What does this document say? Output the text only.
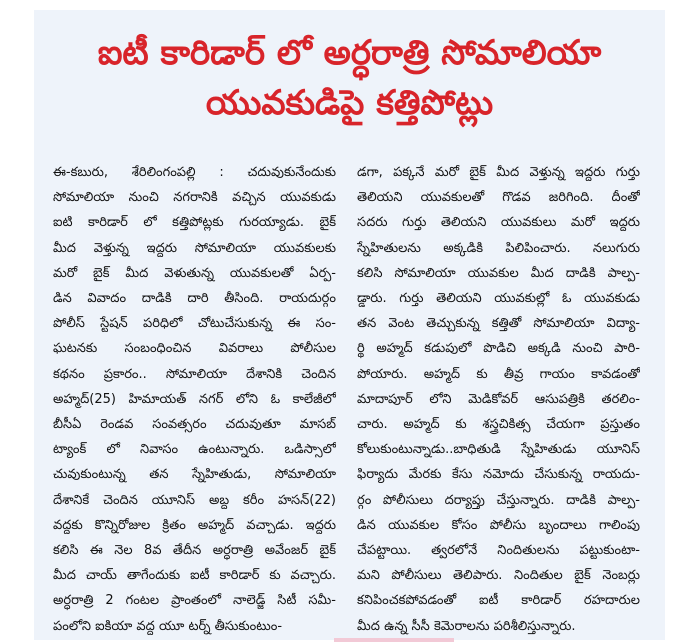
ఐటీ కారిడార్ లో అర్ధరాత్రి సోమాలియా
యువకుడిపై కత్తిపోట్లు
ఈ-కబురు, శేరిలింగంపల్లి : చదువుకునేందుకు
సోమాలియా నుంచి నగరానికి వచ్చిన యువకుడు
ఐటి కారిడార్ లో కత్తిపోట్లకు గురయ్యాడు. బైక్
మీద వెళ్తున్న ఇద్దరు సోమాలియా యువకులకు
మరో బైక్ మీద వెళుతున్న యువకులతో ఏర్ప-
డిన వివాదం దాడికి దారి తీసింది. రాయదుర్గం
పోలీస్ స్టేషన్ పరిధిలో చోటుచేసుకున్న ఈ సం-
ఘటనకు సంబంధించిన వివరాలు పోలీసుల
కథనం ప్రకారం.. సోమాలియా దేశానికి చెందిన
అహ్మద్(25) హిమాయత్ నగర్ లోని ఓ కాలేజీలో
బీసీఏ రెండవ సంవత్సరం చదువుతూ మాసబ్
ట్యాంక్ లో నివాసం ఉంటున్నారు. ఒడిస్సాలో
చువుకుంటున్న తన స్నేహితుడు, సోమాలియా
దేశానికే చెందిన యూనిస్ అబ్ద కరీం హసన్(22)
వద్దకు కొన్నిరోజుల క్రితం అహ్మద్ వచ్చాడు. ఇద్దరు
కలిసి ఈ నెల 8వ తేదీన అర్ధరాత్రి అవేంజర్ బైక్
మీద చాయ్ తాగేందుకు ఐటీ కారిడార్ కు వచ్చారు.
అర్ధరాత్రి 2 గంటల ప్రాంతంలో నాలెడ్జ్ సిటీ సమీ-
పంలోని ఐకియా వద్ద యూ టర్న్ తీసుకుంటుం-
డగా, పక్కనే మరో బైక్ మీద వెళ్తున్న ఇద్దరు గుర్తు
తెలియని యువకులతో గొడవ జరిగింది. దీంతో
సదరు గుర్తు తెలియని యువకులు మరో ఇద్దరు
స్నేహితులను అక్కడికి పిలిపించారు. నలుగురు
కలిసి సోమాలియా యువకుల మీద దాడికి పాల్ప-
డ్డారు. గుర్తు తెలియని యువకుల్లో ఓ యువకుడు
తన వెంట తెచ్చుకున్న కత్తితో సోమాలియా విద్యా-
ర్థి అహ్మద్ కడుపులో పొడిచి అక్కడి నుంచి పారి-
పోయారు. అహ్మద్ కు తీవ్ర గాయం కావడంతో
మాదాపూర్ లోని మెడికోవర్ ఆసుపత్రికి తరలిం-
చారు. అహ్మద్ కు శస్త్రచికిత్స చేయగా ప్రస్తుతం
కోలుకుంటున్నాడు..బాధితుడి స్నేహితుడు యూనిస్
ఫిర్యాదు మేరకు కేసు నమోదు చేసుకున్న రాయదు-
ర్గం పోలీసులు దర్యాప్తు చేస్తున్నారు. దాడికి పాల్ప-
డిన యువకుల కోసం పోలీసు బృందాలు గాలింపు
చేపట్టాయి. త్వరలోనే నిందితులను పట్టుకుంటా-
మని పోలీసులు తెలిపారు. నిందితుల బైక్ నెంబర్లు
కనిపించకపోవడంతో ఐటీ కారిడార్ రహదారుల
మీద ఉన్న సీసీ కెమెరాలను పరిశీలిస్తున్నారు.
